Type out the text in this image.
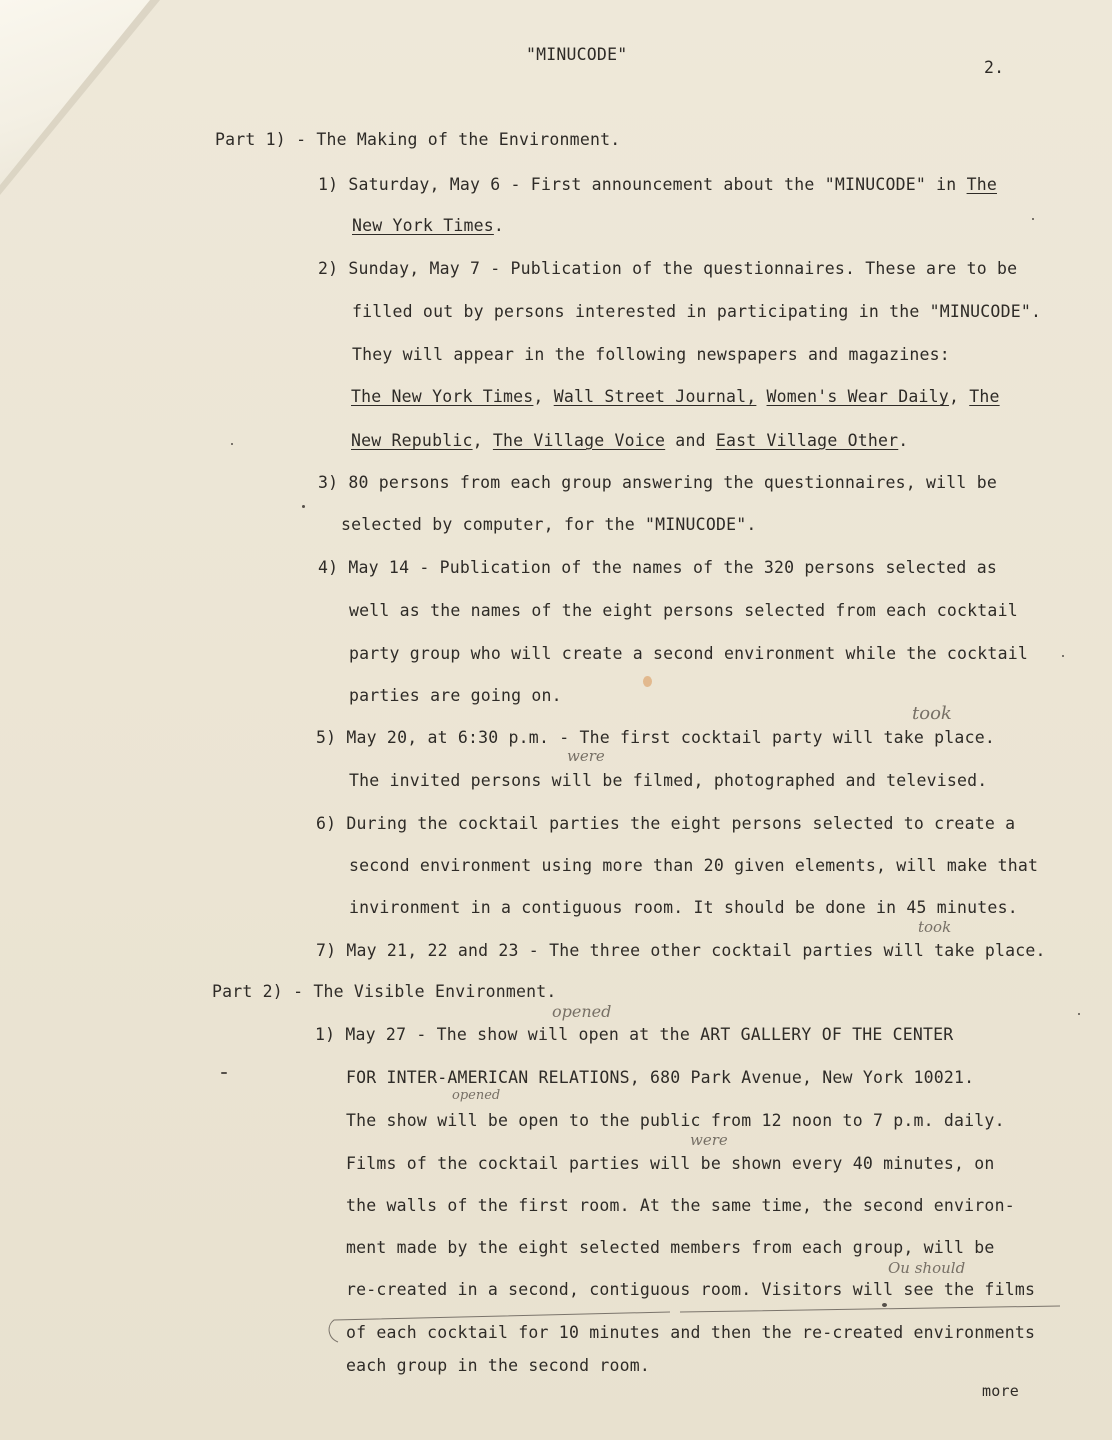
"MINUCODE"
2.
Part 1) - The Making of the Environment.
1) Saturday, May 6 - First announcement about the "MINUCODE" in The
New York Times.
2) Sunday, May 7 - Publication of the questionnaires. These are to be
filled out by persons interested in participating in the "MINUCODE".
They will appear in the following newspapers and magazines:
The New York Times, Wall Street Journal, Women's Wear Daily, The
New Republic, The Village Voice and East Village Other.
3) 80 persons from each group answering the questionnaires, will be
selected by computer, for the "MINUCODE".
4) May 14 - Publication of the names of the 320 persons selected as
well as the names of the eight persons selected from each cocktail
party group who will create a second environment while the cocktail
parties are going on.
took
5) May 20, at 6:30 p.m. - The first cocktail party will take place.
were
The invited persons will be filmed, photographed and televised.
6) During the cocktail parties the eight persons selected to create a
second environment using more than 20 given elements, will make that
invironment in a contiguous room. It should be done in 45 minutes.
took
7) May 21, 22 and 23 - The three other cocktail parties will take place.
Part 2) - The Visible Environment.
opened
1) May 27 - The show will open at the ART GALLERY OF THE CENTER
FOR INTER-AMERICAN RELATIONS, 680 Park Avenue, New York 10021.
opened
The show will be open to the public from 12 noon to 7 p.m. daily.
were
Films of the cocktail parties will be shown every 40 minutes, on
the walls of the first room. At the same time, the second environ-
ment made by the eight selected members from each group, will be
Ou should
re-created in a second, contiguous room. Visitors will see the films
of each cocktail for 10 minutes and then the re-created environments
each group in the second room.
more
